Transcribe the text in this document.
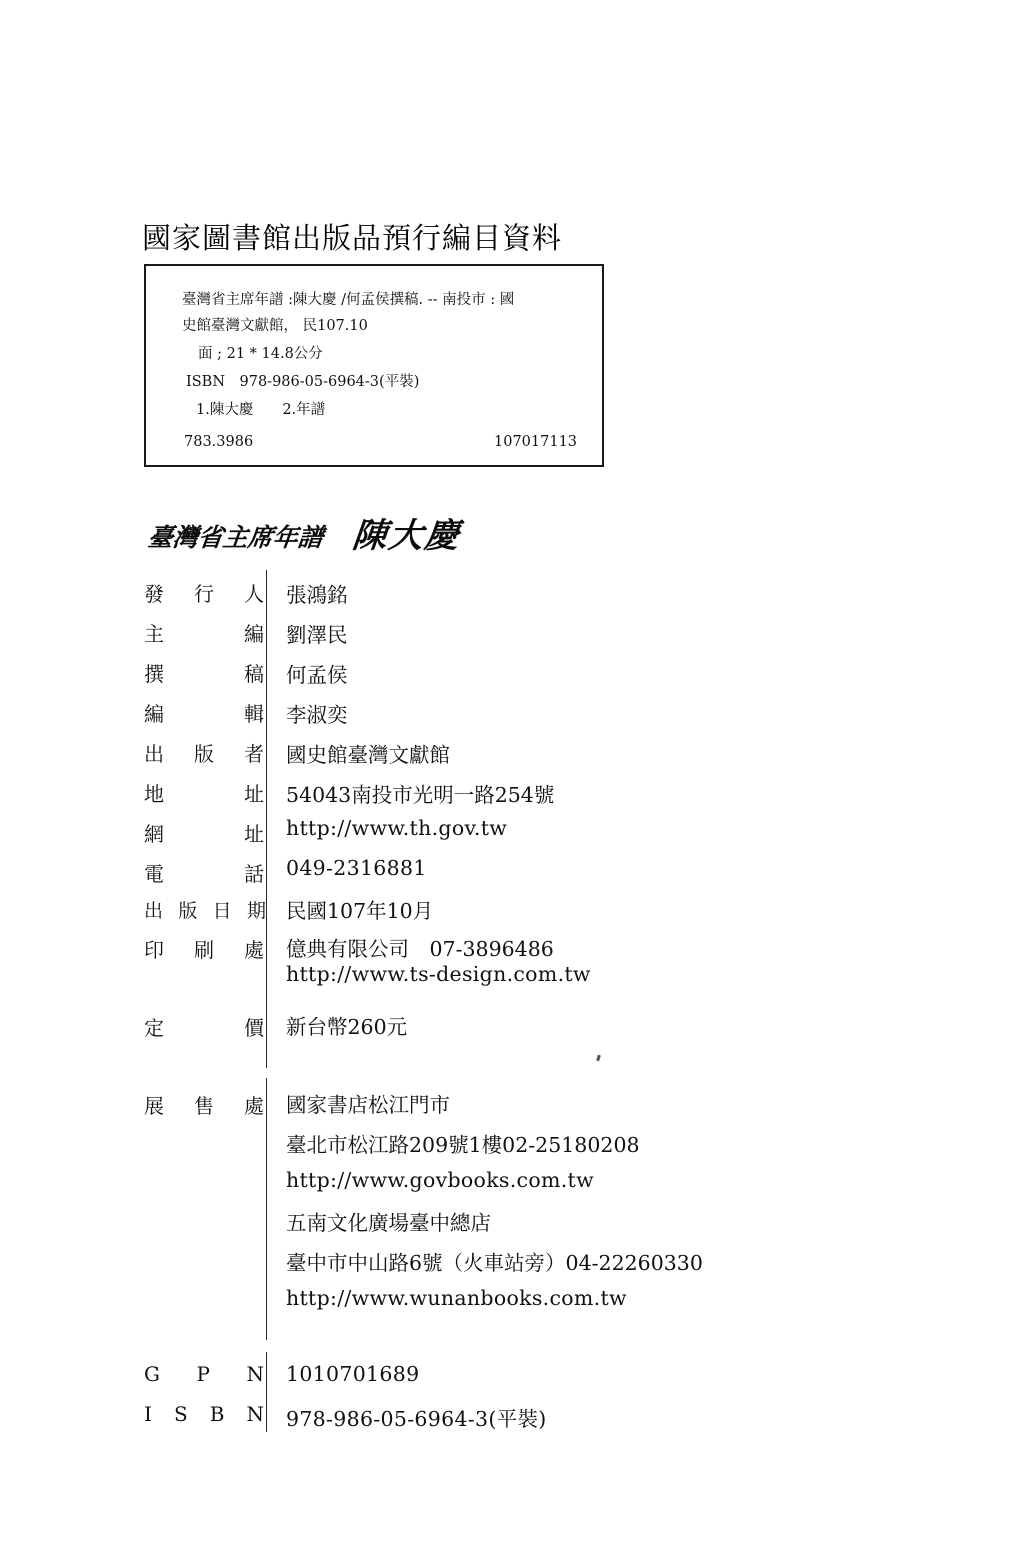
國家圖書館出版品預行編目資料
臺灣省主席年譜 :陳大慶 /何孟侯撰稿. -- 南投市 : 國
史館臺灣文獻館， 民107.10
面 ; 21 * 14.8公分
ISBN　978-986-05-6964-3(平裝)
1.陳大慶　　2.年譜
783.3986	107017113
臺灣省主席年譜 陳大慶
發 行 人 張鴻銘
主	編 劉澤民
撰	稿 何孟侯
編	輯 李淑奕
出 版 者 國史館臺灣文獻館
地	址 54043南投市光明一路254號
網	址 http://www.th.gov.tw
電	話 049-2316881
出 版 日 期 民國107年10月
印 刷 處 億典有限公司　07-3896486
http://www.ts-design.com.tw
定	價 新台幣260元
展 售 處 國家書店松江門市
臺北市松江路209號1樓02-25180208
http://www.govbooks.com.tw
五南文化廣場臺中總店
臺中市中山路6號（火車站旁）04-22260330
http://www.wunanbooks.com.tw
G P N 1010701689
I S B N 978-986-05-6964-3(平裝)
